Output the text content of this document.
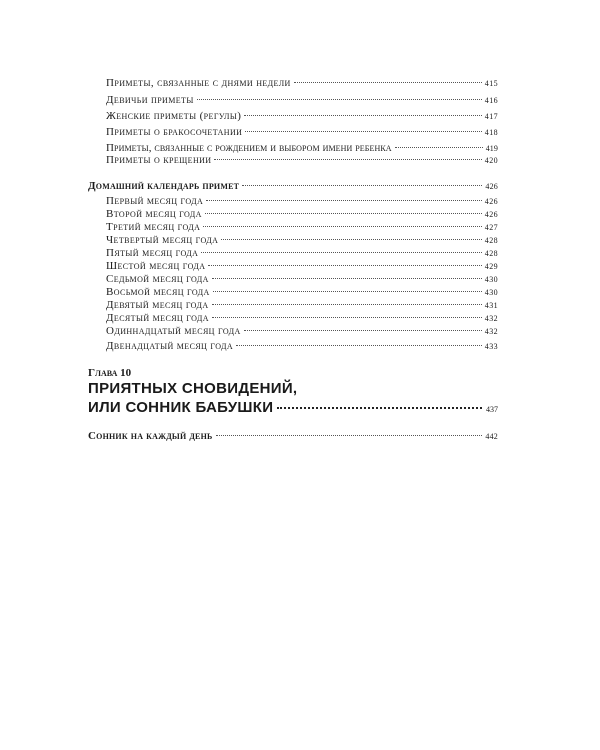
Приметы, связанные с днями недели	415
Девичьи приметы	416
Женские приметы (регулы)	417
Приметы о бракосочетании	418
Приметы, связанные с рождением и выбором имени ребенка	419
Приметы о крещении	420
Домашний календарь примет	426
Первый месяц года	426
Второй месяц года	426
Третий месяц года	427
Четвертый месяц года	428
Пятый месяц года	428
Шестой месяц года	429
Седьмой месяц года	430
Восьмой месяц года	430
Девятый месяц года	431
Десятый месяц года	432
Одиннадцатый месяц года	432
Двенадцатый месяц года	433
Глава 10
ПРИЯТНЫХ СНОВИДЕНИЙ,
ИЛИ СОННИК БАБУШКИ	437
Сонник на каждый день	442
